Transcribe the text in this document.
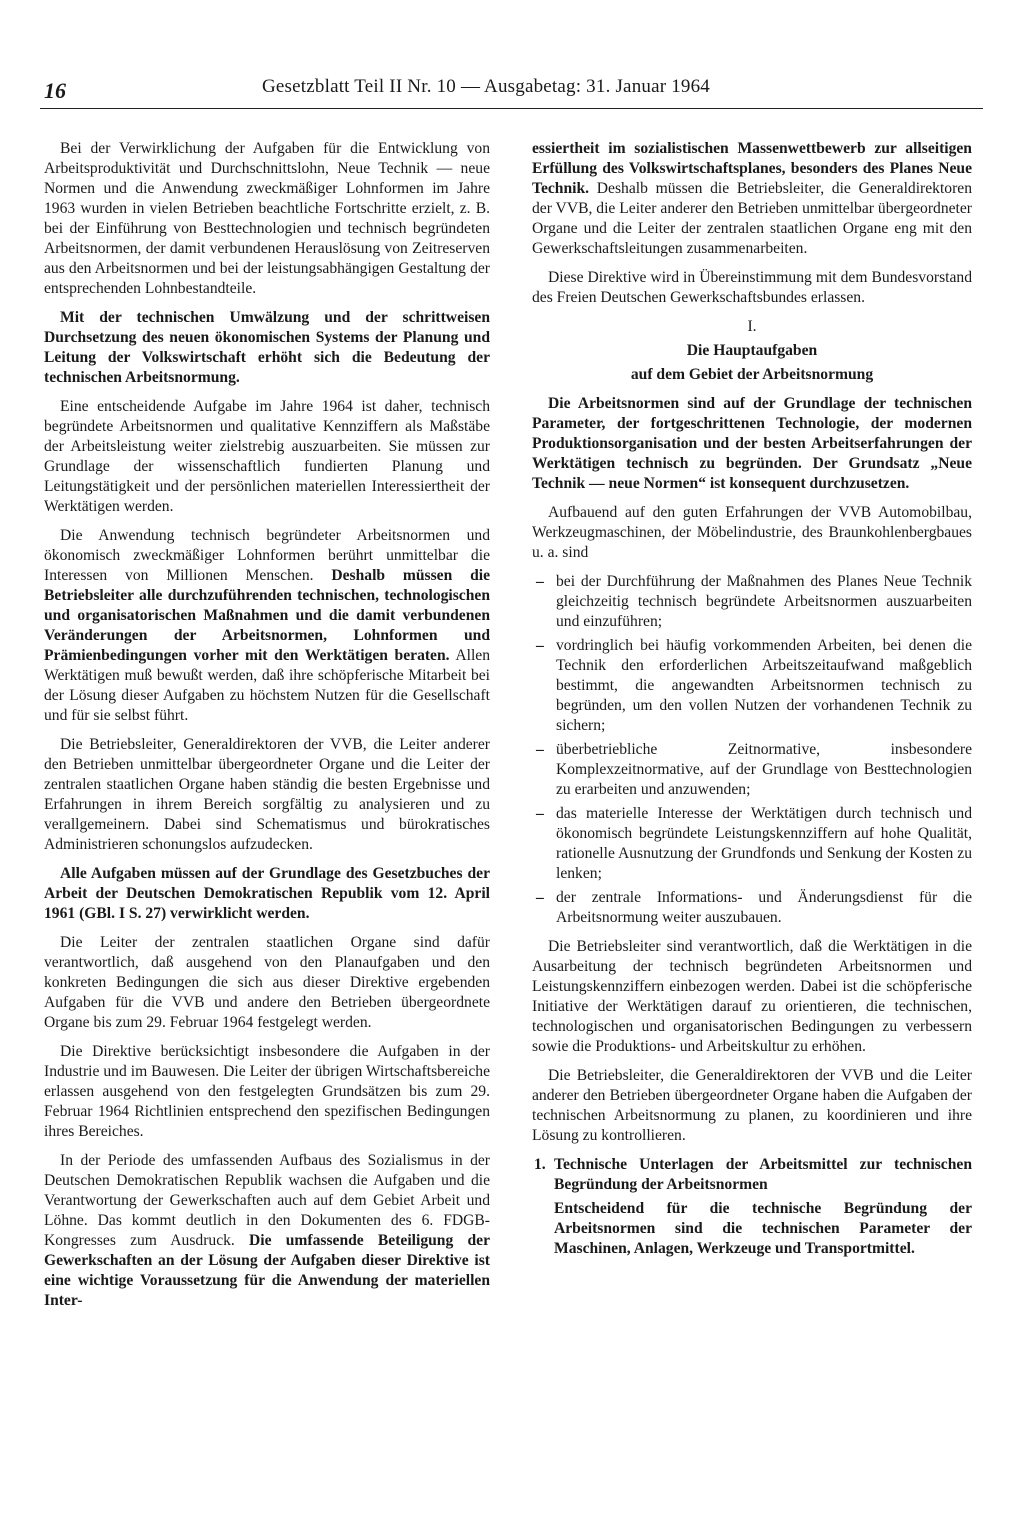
16	Gesetzblatt Teil II Nr. 10 — Ausgabetag: 31. Januar 1964

Bei der Verwirklichung der Aufgaben für die Entwicklung von Arbeitsproduktivität und Durchschnittslohn, Neue Technik — neue Normen und die Anwendung zweckmäßiger Lohnformen im Jahre 1963 wurden in vielen Betrieben beachtliche Fortschritte erzielt, z. B. bei der Einführung von Besttechnologien und technisch begründeten Arbeitsnormen, der damit verbundenen Herauslösung von Zeitreserven aus den Arbeitsnormen und bei der leistungsabhängigen Gestaltung der entsprechenden Lohnbestandteile.

Mit der technischen Umwälzung und der schrittweisen Durchsetzung des neuen ökonomischen Systems der Planung und Leitung der Volkswirtschaft erhöht sich die Bedeutung der technischen Arbeitsnormung.

Eine entscheidende Aufgabe im Jahre 1964 ist daher, technisch begründete Arbeitsnormen und qualitative Kennziffern als Maßstäbe der Arbeitsleistung weiter zielstrebig auszuarbeiten. Sie müssen zur Grundlage der wissenschaftlich fundierten Planung und Leitungstätigkeit und der persönlichen materiellen Interessiertheit der Werktätigen werden.

Die Anwendung technisch begründeter Arbeitsnormen und ökonomisch zweckmäßiger Lohnformen berührt unmittelbar die Interessen von Millionen Menschen. Deshalb müssen die Betriebsleiter alle durchzuführenden technischen, technologischen und organisatorischen Maßnahmen und die damit verbundenen Veränderungen der Arbeitsnormen, Lohnformen und Prämienbedingungen vorher mit den Werktätigen beraten. Allen Werktätigen muß bewußt werden, daß ihre schöpferische Mitarbeit bei der Lösung dieser Aufgaben zu höchstem Nutzen für die Gesellschaft und für sie selbst führt.

Die Betriebsleiter, Generaldirektoren der VVB, die Leiter anderer den Betrieben unmittelbar übergeordneter Organe und die Leiter der zentralen staatlichen Organe haben ständig die besten Ergebnisse und Erfahrungen in ihrem Bereich sorgfältig zu analysieren und zu verallgemeinern. Dabei sind Schematismus und bürokratisches Administrieren schonungslos aufzudecken.

Alle Aufgaben müssen auf der Grundlage des Gesetzbuches der Arbeit der Deutschen Demokratischen Republik vom 12. April 1961 (GBl. I S. 27) verwirklicht werden.

Die Leiter der zentralen staatlichen Organe sind dafür verantwortlich, daß ausgehend von den Planaufgaben und den konkreten Bedingungen die sich aus dieser Direktive ergebenden Aufgaben für die VVB und andere den Betrieben übergeordnete Organe bis zum 29. Februar 1964 festgelegt werden.

Die Direktive berücksichtigt insbesondere die Aufgaben in der Industrie und im Bauwesen. Die Leiter der übrigen Wirtschaftsbereiche erlassen ausgehend von den festgelegten Grundsätzen bis zum 29. Februar 1964 Richtlinien entsprechend den spezifischen Bedingungen ihres Bereiches.

In der Periode des umfassenden Aufbaus des Sozialismus in der Deutschen Demokratischen Republik wachsen die Aufgaben und die Verantwortung der Gewerkschaften auch auf dem Gebiet Arbeit und Löhne. Das kommt deutlich in den Dokumenten des 6. FDGB-Kongresses zum Ausdruck. Die umfassende Beteiligung der Gewerkschaften an der Lösung der Aufgaben dieser Direktive ist eine wichtige Voraussetzung für die Anwendung der materiellen Inter-

essiertheit im sozialistischen Massenwettbewerb zur allseitigen Erfüllung des Volkswirtschaftsplanes, besonders des Planes Neue Technik. Deshalb müssen die Betriebsleiter, die Generaldirektoren der VVB, die Leiter anderer den Betrieben unmittelbar übergeordneter Organe und die Leiter der zentralen staatlichen Organe eng mit den Gewerkschaftsleitungen zusammenarbeiten.

Diese Direktive wird in Übereinstimmung mit dem Bundesvorstand des Freien Deutschen Gewerkschaftsbundes erlassen.

I.
Die Hauptaufgaben
auf dem Gebiet der Arbeitsnormung

Die Arbeitsnormen sind auf der Grundlage der technischen Parameter, der fortgeschrittenen Technologie, der modernen Produktionsorganisation und der besten Arbeitserfahrungen der Werktätigen technisch zu begründen. Der Grundsatz „Neue Technik — neue Normen“ ist konsequent durchzusetzen.

Aufbauend auf den guten Erfahrungen der VVB Automobilbau, Werkzeugmaschinen, der Möbelindustrie, des Braunkohlenbergbaues u. a. sind

– bei der Durchführung der Maßnahmen des Planes Neue Technik gleichzeitig technisch begründete Arbeitsnormen auszuarbeiten und einzuführen;
– vordringlich bei häufig vorkommenden Arbeiten, bei denen die Technik den erforderlichen Arbeitszeitaufwand maßgeblich bestimmt, die angewandten Arbeitsnormen technisch zu begründen, um den vollen Nutzen der vorhandenen Technik zu sichern;
– überbetriebliche Zeitnormative, insbesondere Komplexzeitnormative, auf der Grundlage von Besttechnologien zu erarbeiten und anzuwenden;
– das materielle Interesse der Werktätigen durch technisch und ökonomisch begründete Leistungskennziffern auf hohe Qualität, rationelle Ausnutzung der Grundfonds und Senkung der Kosten zu lenken;
– der zentrale Informations- und Änderungsdienst für die Arbeitsnormung weiter auszubauen.

Die Betriebsleiter sind verantwortlich, daß die Werktätigen in die Ausarbeitung der technisch begründeten Arbeitsnormen und Leistungskennziffern einbezogen werden. Dabei ist die schöpferische Initiative der Werktätigen darauf zu orientieren, die technischen, technologischen und organisatorischen Bedingungen zu verbessern sowie die Produktions- und Arbeitskultur zu erhöhen.

Die Betriebsleiter, die Generaldirektoren der VVB und die Leiter anderer den Betrieben übergeordneter Organe haben die Aufgaben der technischen Arbeitsnormung zu planen, zu koordinieren und ihre Lösung zu kontrollieren.

1. Technische Unterlagen der Arbeitsmittel zur technischen Begründung der Arbeitsnormen
Entscheidend für die technische Begründung der Arbeitsnormen sind die technischen Parameter der Maschinen, Anlagen, Werkzeuge und Transportmittel.
